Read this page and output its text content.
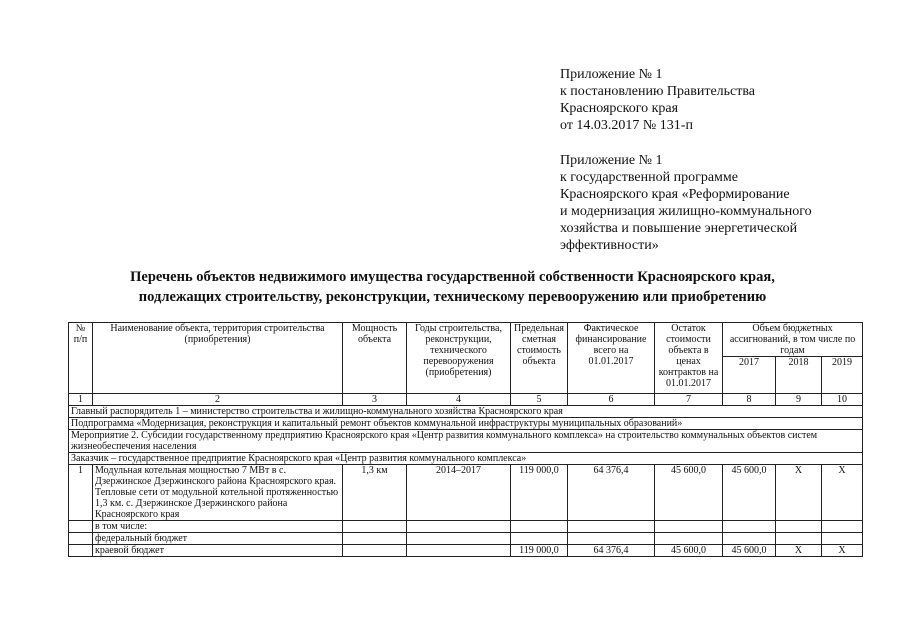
Приложение № 1
к постановлению Правительства
Красноярского края
от 14.03.2017 № 131-п
Приложение № 1
к государственной программе
Красноярского края «Реформирование
и модернизация жилищно-коммунального
хозяйства и повышение энергетической
эффективности»
Перечень объектов недвижимого имущества государственной собственности Красноярского края,
подлежащих строительству, реконструкции, техническому перевооружению или приобретению
№ п/п	Наименование объекта, территория строительства (приобретения)	Мощность объекта	Годы строительства, реконструкции, технического перевооружения (приобретения)	Предельная сметная стоимость объекта	Фактическое финансирование всего на 01.01.2017	Остаток стоимости объекта в ценах контрактов на 01.01.2017	Объем бюджетных ассигнований, в том числе по годам		
							2017	2018	2019
1	2	3	4	5	6	7	8	9	10
Главный распорядитель 1 – министерство строительства и жилищно-коммунального хозяйства Красноярского края									
Подпрограмма «Модернизация, реконструкция и капитальный ремонт объектов коммунальной инфраструктуры муниципальных образований»									
Мероприятие 2. Субсидии государственному предприятию Красноярского края «Центр развития коммунального комплекса» на строительство коммунальных объектов систем жизнеобеспечения населения									
Заказчик – государственное предприятие Красноярского края «Центр развития коммунального комплекса»									
1	Модульная котельная мощностью 7 МВт в с. Дзержинское Дзержинского района Красноярского края. Тепловые сети от модульной котельной протяженностью 1,3 км. с. Дзержинское Дзержинского района Красноярского края	1,3 км	2014–2017	119 000,0	64 376,4	45 600,0	45 600,0	Х	Х
	в том числе:								
	федеральный бюджет								
	краевой бюджет			119 000,0	64 376,4	45 600,0	45 600,0	Х	Х
